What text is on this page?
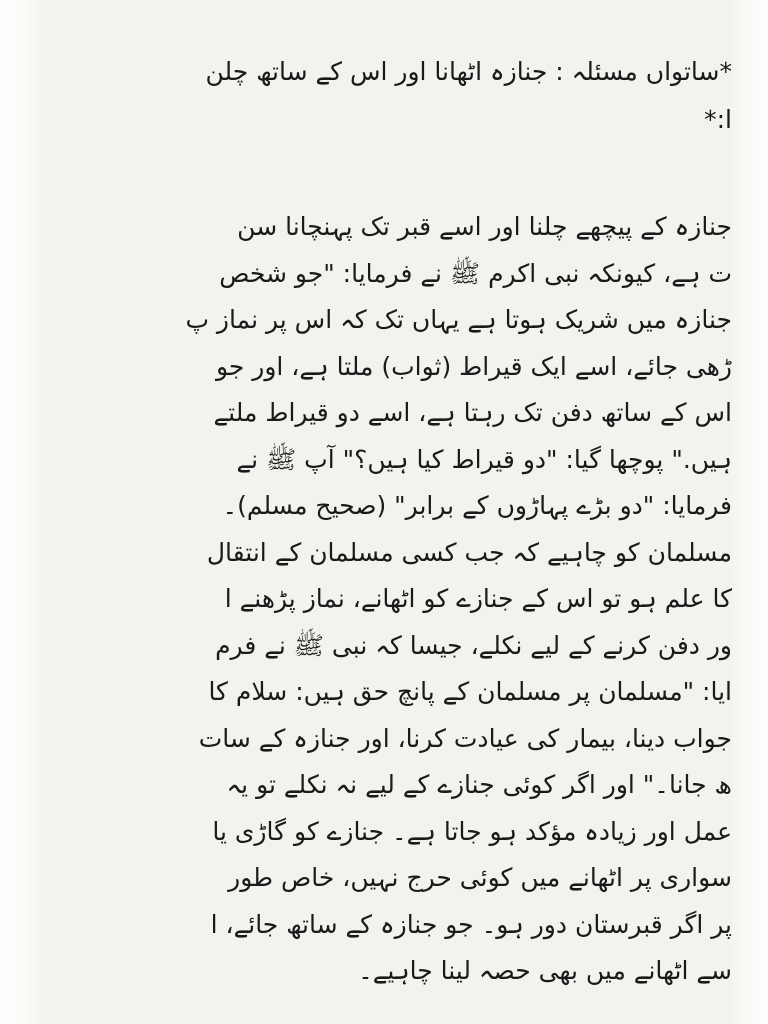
*ساتواں مسئلہ : جنازہ اٹھانا اور اس کے ساتھ چلن
ا:*
جنازہ کے پیچھے چلنا اور اسے قبر تک پہنچانا سن
ت ہے، کیونکہ نبی اکرم ﷺ نے فرمایا: "جو شخص
جنازہ میں شریک ہوتا ہے یہاں تک کہ اس پر نماز پ
ڑھی جائے، اسے ایک قیراط (ثواب) ملتا ہے، اور جو
اس کے ساتھ دفن تک رہتا ہے، اسے دو قیراط ملتے
ہیں." پوچھا گیا: "دو قیراط کیا ہیں؟" آپ ﷺ نے
فرمایا: "دو بڑے پہاڑوں کے برابر" (صحیح مسلم)۔
مسلمان کو چاہیے کہ جب کسی مسلمان کے انتقال
کا علم ہو تو اس کے جنازے کو اٹھانے، نماز پڑھنے ا
ور دفن کرنے کے لیے نکلے، جیسا کہ نبی ﷺ نے فرم
ایا: "مسلمان پر مسلمان کے پانچ حق ہیں: سلام کا
جواب دینا، بیمار کی عیادت کرنا، اور جنازہ کے سات
ھ جانا۔" اور اگر کوئی جنازے کے لیے نہ نکلے تو یہ
عمل اور زیادہ مؤکد ہو جاتا ہے۔ جنازے کو گاڑی یا
سواری پر اٹھانے میں کوئی حرج نہیں، خاص طور
پر اگر قبرستان دور ہو۔ جو جنازہ کے ساتھ جائے، ا
سے اٹھانے میں بھی حصہ لینا چاہیے۔
